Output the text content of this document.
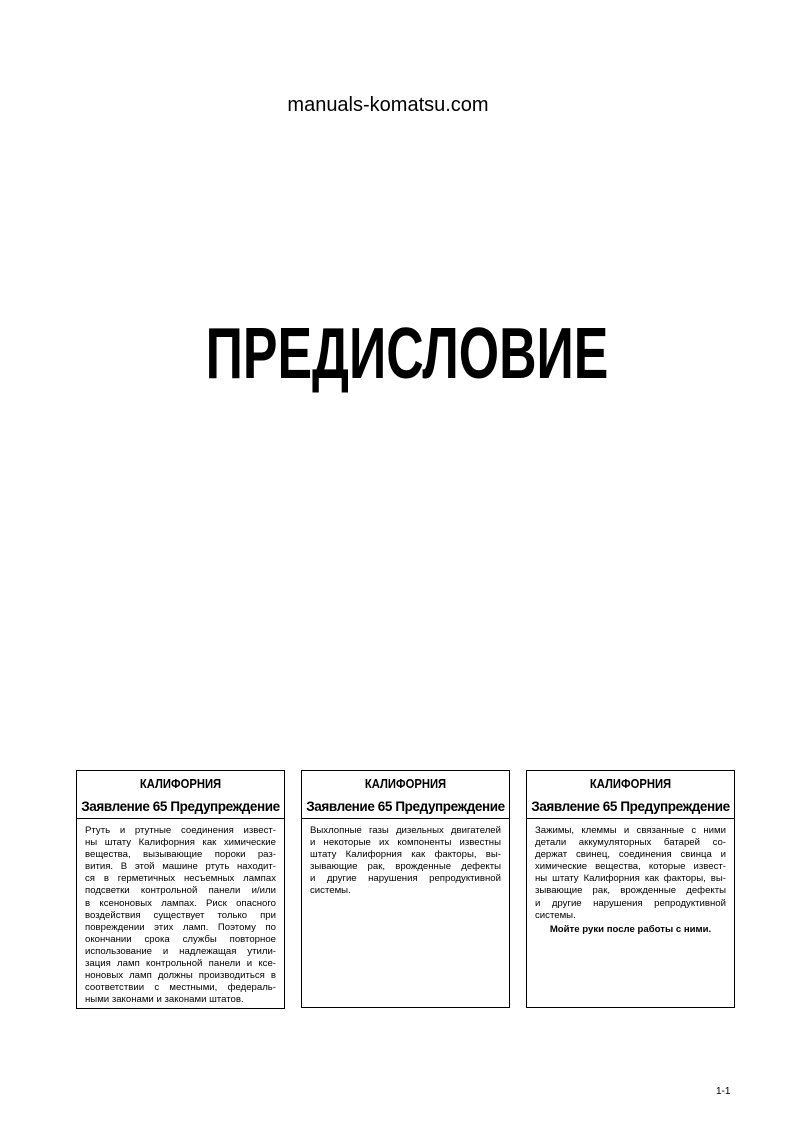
manuals-komatsu.com
ПРЕДИСЛОВИЕ
КАЛИФОРНИЯ
Заявление 65 Предупреждение
Ртуть и ртутные соединения извест-
ны штату Калифорния как химические
вещества, вызывающие пороки раз-
вития. В этой машине ртуть находит-
ся в герметичных несъемных лампах
подсветки контрольной панели и/или
в ксеноновых лампах. Риск опасного
воздействия существует только при
повреждении этих ламп. Поэтому по
окончании срока службы повторное
использование и надлежащая утили-
зация ламп контрольной панели и ксе-
ноновых ламп должны производиться в
соответствии с местными, федераль-
ными законами и законами штатов.
КАЛИФОРНИЯ
Заявление 65 Предупреждение
Выхлопные газы дизельных двигателей
и некоторые их компоненты известны
штату Калифорния как факторы, вы-
зывающие рак, врожденные дефекты
и другие нарушения репродуктивной
системы.
КАЛИФОРНИЯ
Заявление 65 Предупреждение
Зажимы, клеммы и связанные с ними
детали аккумуляторных батарей со-
держат свинец, соединения свинца и
химические вещества, которые извест-
ны штату Калифорния как факторы, вы-
зывающие рак, врожденные дефекты
и другие нарушения репродуктивной
системы.
Мойте руки после работы с ними.
1-1
